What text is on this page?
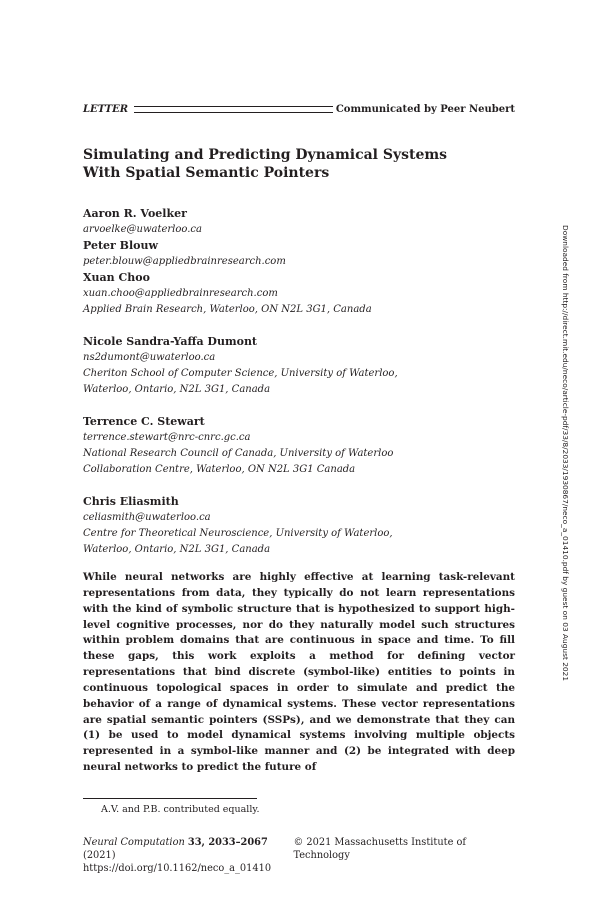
LETTER	Communicated by Peer Neubert
Simulating and Predicting Dynamical Systems
With Spatial Semantic Pointers
Aaron R. Voelker
arvoelke@uwaterloo.ca
Peter Blouw
peter.blouw@appliedbrainresearch.com
Xuan Choo
xuan.choo@appliedbrainresearch.com
Applied Brain Research, Waterloo, ON N2L 3G1, Canada
Nicole Sandra-Yaffa Dumont
ns2dumont@uwaterloo.ca
Cheriton School of Computer Science, University of Waterloo,
Waterloo, Ontario, N2L 3G1, Canada
Terrence C. Stewart
terrence.stewart@nrc-cnrc.gc.ca
National Research Council of Canada, University of Waterloo
Collaboration Centre, Waterloo, ON N2L 3G1 Canada
Chris Eliasmith
celiasmith@uwaterloo.ca
Centre for Theoretical Neuroscience, University of Waterloo,
Waterloo, Ontario, N2L 3G1, Canada
While neural networks are highly effective at learning task-relevant representations from data, they typically do not learn representations with the kind of symbolic structure that is hypothesized to support high-level cognitive processes, nor do they naturally model such structures within problem domains that are continuous in space and time. To fill these gaps, this work exploits a method for defining vector representations that bind discrete (symbol-like) entities to points in continuous topological spaces in order to simulate and predict the behavior of a range of dynamical systems. These vector representations are spatial semantic pointers (SSPs), and we demonstrate that they can (1) be used to model dynamical systems involving multiple objects represented in a symbol-like manner and (2) be integrated with deep neural networks to predict the future of
A.V. and P.B. contributed equally.
Neural Computation 33, 2033–2067 (2021)
© 2021 Massachusetts Institute of Technology
https://doi.org/10.1162/neco_a_01410
Downloaded from http://direct.mit.edu/neco/article-pdf/33/8/2033/1930867/neco_a_01410.pdf by guest on 03 August 2021
